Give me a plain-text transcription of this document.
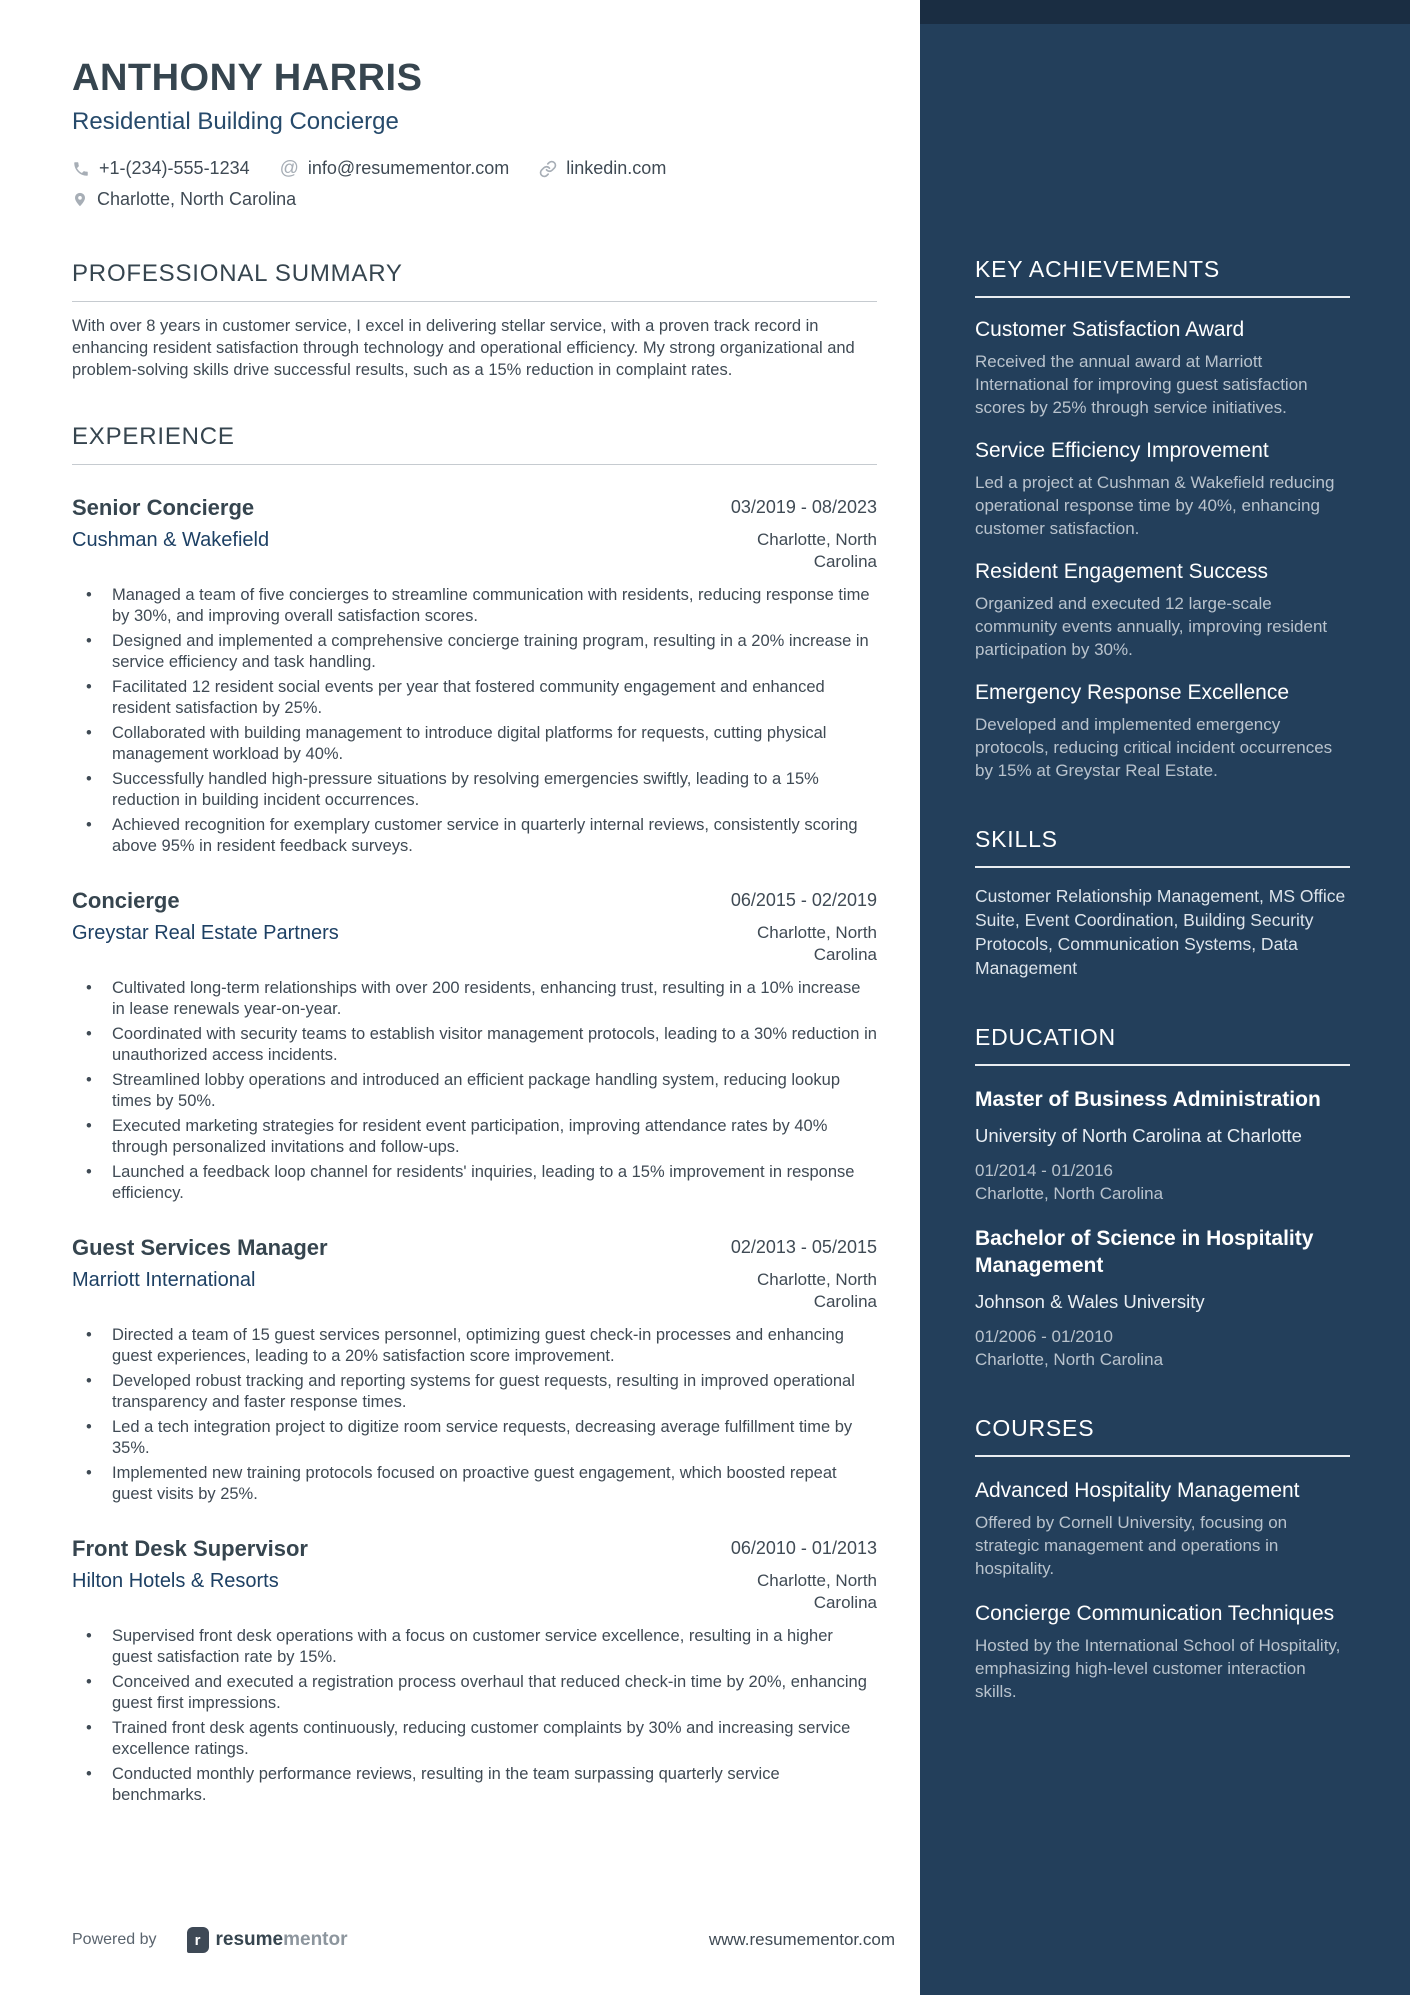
ANTHONY HARRIS
Residential Building Concierge
+1-(234)-555-1234 @ info@resumementor.com	linkedin.com
Charlotte, North Carolina
PROFESSIONAL SUMMARY

With over 8 years in customer service, I excel in delivering stellar service, with a proven track record in enhancing resident satisfaction through technology and operational efficiency. My strong organizational and problem-solving skills drive successful results, such as a 15% reduction in complaint rates.

EXPERIENCE
Senior Concierge	03/2019 - 08/2023
Cushman & Wakefield	Charlotte, North Carolina
• Managed a team of five concierges to streamline communication with residents, reducing response time by 30%, and improving overall satisfaction scores.
• Designed and implemented a comprehensive concierge training program, resulting in a 20% increase in service efficiency and task handling.
• Facilitated 12 resident social events per year that fostered community engagement and enhanced resident satisfaction by 25%.
• Collaborated with building management to introduce digital platforms for requests, cutting physical management workload by 40%.
• Successfully handled high-pressure situations by resolving emergencies swiftly, leading to a 15% reduction in building incident occurrences.
• Achieved recognition for exemplary customer service in quarterly internal reviews, consistently scoring above 95% in resident feedback surveys.
Concierge	06/2015 - 02/2019
Greystar Real Estate Partners	Charlotte, North Carolina
• Cultivated long-term relationships with over 200 residents, enhancing trust, resulting in a 10% increase in lease renewals year-on-year.
• Coordinated with security teams to establish visitor management protocols, leading to a 30% reduction in unauthorized access incidents.
• Streamlined lobby operations and introduced an efficient package handling system, reducing lookup times by 50%.
• Executed marketing strategies for resident event participation, improving attendance rates by 40% through personalized invitations and follow-ups.
• Launched a feedback loop channel for residents' inquiries, leading to a 15% improvement in response efficiency.
Guest Services Manager	02/2013 - 05/2015
Marriott International	Charlotte, North Carolina
• Directed a team of 15 guest services personnel, optimizing guest check-in processes and enhancing guest experiences, leading to a 20% satisfaction score improvement.
• Developed robust tracking and reporting systems for guest requests, resulting in improved operational transparency and faster response times.
• Led a tech integration project to digitize room service requests, decreasing average fulfillment time by 35%.
• Implemented new training protocols focused on proactive guest engagement, which boosted repeat guest visits by 25%.
Front Desk Supervisor	06/2010 - 01/2013
Hilton Hotels & Resorts	Charlotte, North Carolina
• Supervised front desk operations with a focus on customer service excellence, resulting in a higher guest satisfaction rate by 15%.
• Conceived and executed a registration process overhaul that reduced check-in time by 20%, enhancing guest first impressions.
• Trained front desk agents continuously, reducing customer complaints by 30% and increasing service excellence ratings.
• Conducted monthly performance reviews, resulting in the team surpassing quarterly service benchmarks.
Powered by	r resume mentor	www.resumementor.com
KEY ACHIEVEMENTS
Customer Satisfaction Award
Received the annual award at Marriott International for improving guest satisfaction scores by 25% through service initiatives.
Service Efficiency Improvement
Led a project at Cushman & Wakefield reducing operational response time by 40%, enhancing customer satisfaction.
Resident Engagement Success
Organized and executed 12 large-scale community events annually, improving resident participation by 30%.
Emergency Response Excellence
Developed and implemented emergency protocols, reducing critical incident occurrences by 15% at Greystar Real Estate.
SKILLS
Customer Relationship Management, MS Office Suite, Event Coordination, Building Security Protocols, Communication Systems, Data Management
EDUCATION
Master of Business Administration
University of North Carolina at Charlotte
01/2014 - 01/2016
Charlotte, North Carolina
Bachelor of Science in Hospitality Management
Johnson & Wales University
01/2006 - 01/2010
Charlotte, North Carolina
COURSES
Advanced Hospitality Management
Offered by Cornell University, focusing on strategic management and operations in hospitality.
Concierge Communication Techniques
Hosted by the International School of Hospitality, emphasizing high-level customer interaction skills.
